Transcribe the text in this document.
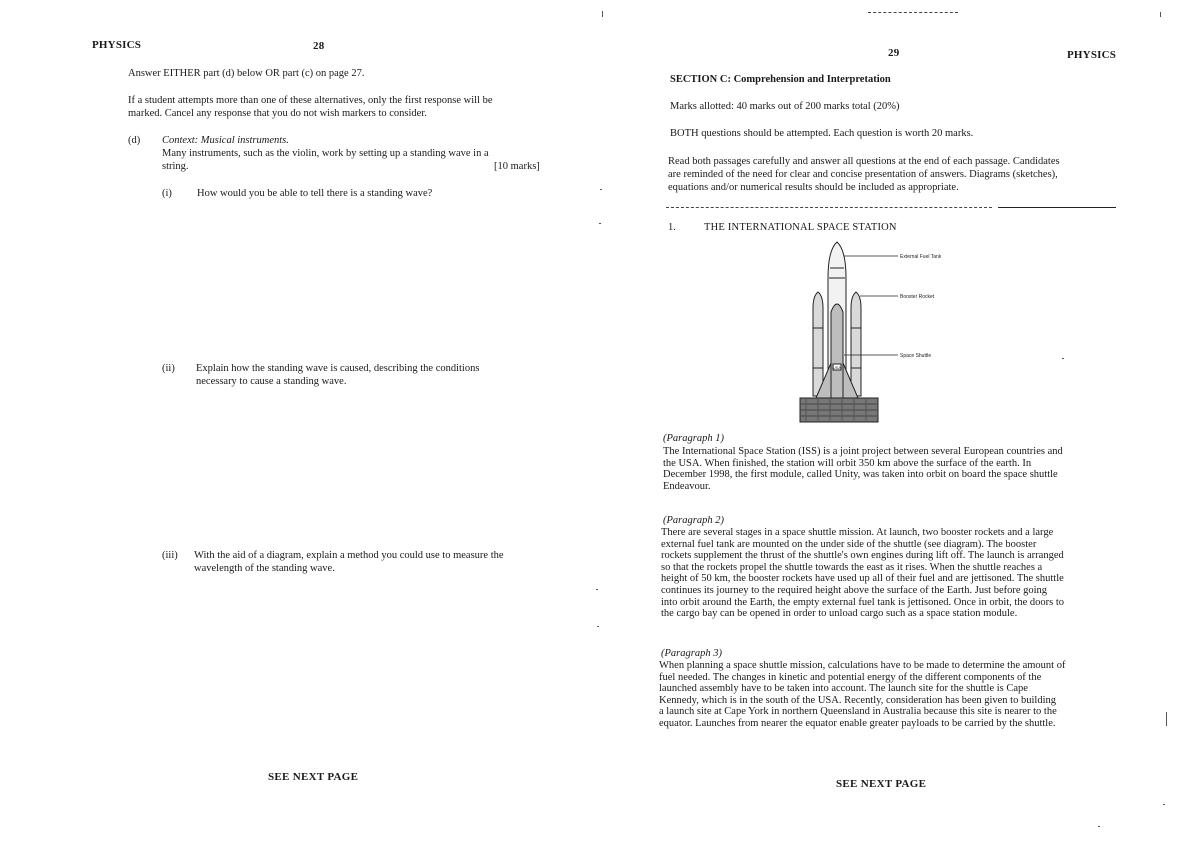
PHYSICS	28
Answer EITHER part (d) below OR part (c) on page 27.
If a student attempts more than one of these alternatives, only the first response will be
marked. Cancel any response that you do not wish markers to consider.
(d) Context: Musical instruments.
Many instruments, such as the violin, work by setting up a standing wave in a
string.	[10 marks]
(i) How would you be able to tell there is a standing wave?
(ii) Explain how the standing wave is caused, describing the conditions
necessary to cause a standing wave.
(iii) With the aid of a diagram, explain a method you could use to measure the
wavelength of the standing wave.
SEE NEXT PAGE
29	PHYSICS
SECTION C: Comprehension and Interpretation
Marks allotted: 40 marks out of 200 marks total (20%)
BOTH questions should be attempted. Each question is worth 20 marks.
Read both passages carefully and answer all questions at the end of each passage. Candidates
are reminded of the need for clear and concise presentation of answers. Diagrams (sketches),
equations and/or numerical results should be included as appropriate.
1.	THE INTERNATIONAL SPACE STATION
USA
External Fuel Tank
Booster Rocket
Space Shuttle
(Paragraph 1)
The International Space Station (ISS) is a joint project between several European countries and
the USA. When finished, the station will orbit 350 km above the surface of the earth. In
December 1998, the first module, called Unity, was taken into orbit on board the space shuttle
Endeavour.
(Paragraph 2)
There are several stages in a space shuttle mission. At launch, two booster rockets and a large
external fuel tank are mounted on the under side of the shuttle (see diagram). The booster
rockets supplement the thrust of the shuttle's own engines during lift off. The launch is arranged
so that the rockets propel the shuttle towards the east as it rises. When the shuttle reaches a
height of 50 km, the booster rockets have used up all of their fuel and are jettisoned. The shuttle
continues its journey to the required height above the surface of the Earth. Just before going
into orbit around the Earth, the empty external fuel tank is jettisoned. Once in orbit, the doors to
the cargo bay can be opened in order to unload cargo such as a space station module.
(Paragraph 3)
When planning a space shuttle mission, calculations have to be made to determine the amount of
fuel needed. The changes in kinetic and potential energy of the different components of the
launched assembly have to be taken into account. The launch site for the shuttle is Cape
Kennedy, which is in the south of the USA. Recently, consideration has been given to building
a launch site at Cape York in northern Queensland in Australia because this site is nearer to the
equator. Launches from nearer the equator enable greater payloads to be carried by the shuttle.
SEE NEXT PAGE
